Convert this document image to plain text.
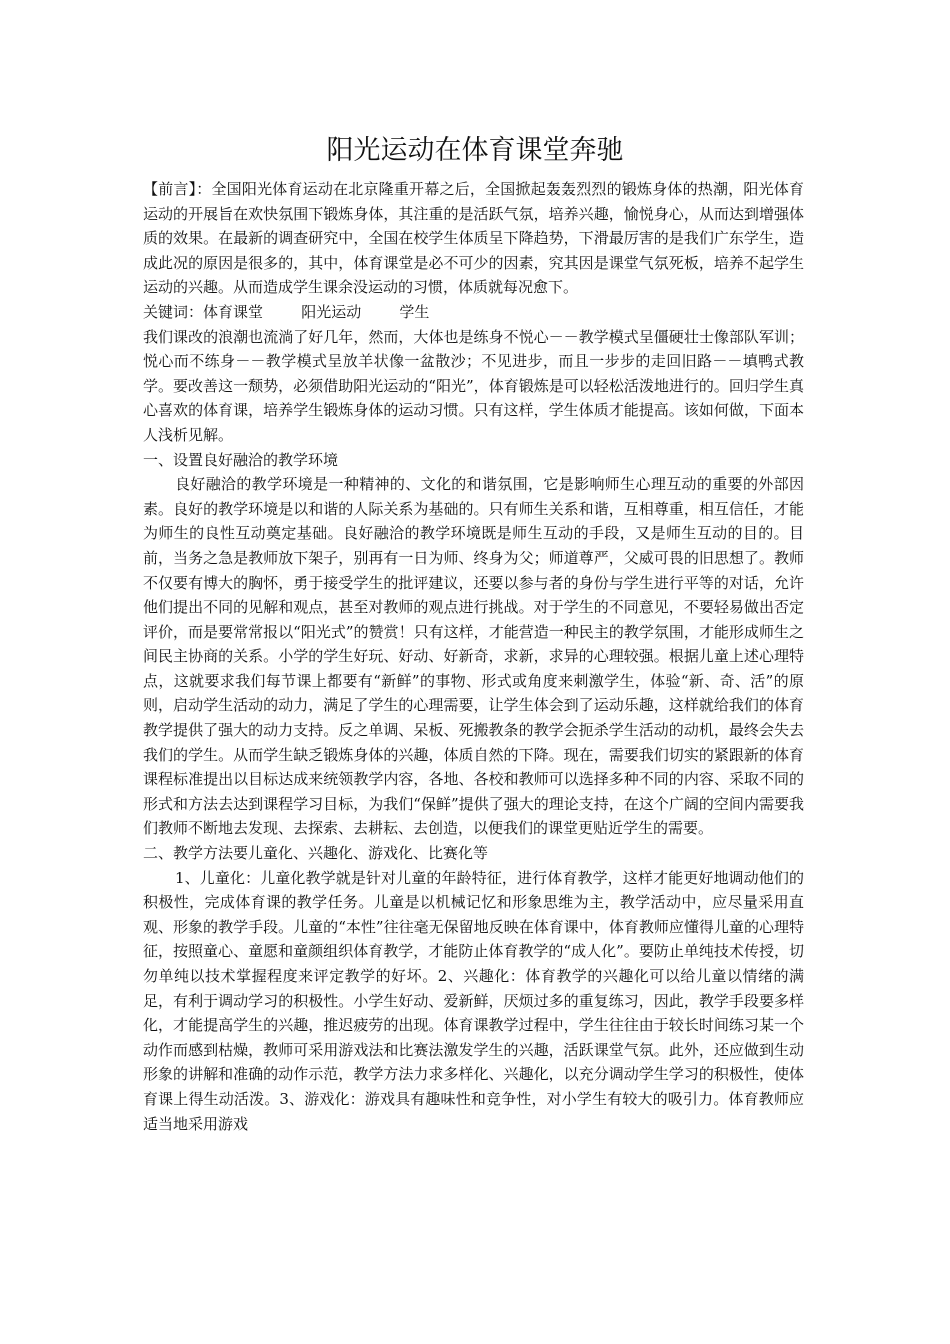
阳光运动在体育课堂奔驰

【前言】：全国阳光体育运动在北京隆重开幕之后，全国掀起轰轰烈烈的锻炼身体的热潮，阳光体育运动的开展旨在欢快氛围下锻炼身体，其注重的是活跃气氛，培养兴趣，愉悦身心，从而达到增强体质的效果。在最新的调查研究中，全国在校学生体质呈下降趋势，下滑最厉害的是我们广东学生，造成此况的原因是很多的，其中，体育课堂是必不可少的因素，究其因是课堂气氛死板，培养不起学生运动的兴趣。从而造成学生课余没运动的习惯，体质就每况愈下。

关键词：体育课堂	阳光运动	学生

我们课改的浪潮也流淌了好几年，然而，大体也是练身不悦心－－教学模式呈僵硬壮士像部队军训；悦心而不练身－－教学模式呈放羊状像一盆散沙；不见进步，而且一步步的走回旧路－－填鸭式教学。要改善这一颓势，必须借助阳光运动的“阳光”，体育锻炼是可以轻松活泼地进行的。回归学生真心喜欢的体育课，培养学生锻炼身体的运动习惯。只有这样，学生体质才能提高。该如何做，下面本人浅析见解。

一、设置良好融洽的教学环境

良好融洽的教学环境是一种精神的、文化的和谐氛围，它是影响师生心理互动的重要的外部因素。良好的教学环境是以和谐的人际关系为基础的。只有师生关系和谐，互相尊重，相互信任，才能为师生的良性互动奠定基础。良好融洽的教学环境既是师生互动的手段，又是师生互动的目的。目前，当务之急是教师放下架子，别再有一日为师、终身为父；师道尊严，父威可畏的旧思想了。教师不仅要有博大的胸怀，勇于接受学生的批评建议，还要以参与者的身份与学生进行平等的对话，允许他们提出不同的见解和观点，甚至对教师的观点进行挑战。对于学生的不同意见，不要轻易做出否定评价，而是要常常报以“阳光式”的赞赏！只有这样，才能营造一种民主的教学氛围，才能形成师生之间民主协商的关系。小学的学生好玩、好动、好新奇，求新，求异的心理较强。根据儿童上述心理特点，这就要求我们每节课上都要有“新鲜”的事物、形式或角度来刺激学生，体验“新、奇、活”的原则，启动学生活动的动力，满足了学生的心理需要，让学生体会到了运动乐趣，这样就给我们的体育教学提供了强大的动力支持。反之单调、呆板、死搬教条的教学会扼杀学生活动的动机，最终会失去我们的学生。从而学生缺乏锻炼身体的兴趣，体质自然的下降。现在，需要我们切实的紧跟新的体育课程标准提出以目标达成来统领教学内容，各地、各校和教师可以选择多种不同的内容、采取不同的形式和方法去达到课程学习目标，为我们“保鲜”提供了强大的理论支持，在这个广阔的空间内需要我们教师不断地去发现、去探索、去耕耘、去创造，以便我们的课堂更贴近学生的需要。

二、教学方法要儿童化、兴趣化、游戏化、比赛化等

1、儿童化：儿童化教学就是针对儿童的年龄特征，进行体育教学，这样才能更好地调动他们的积极性，完成体育课的教学任务。儿童是以机械记忆和形象思维为主，教学活动中，应尽量采用直观、形象的教学手段。儿童的“本性”往往毫无保留地反映在体育课中，体育教师应懂得儿童的心理特征，按照童心、童愿和童颜组织体育教学，才能防止体育教学的“成人化”。要防止单纯技术传授，切勿单纯以技术掌握程度来评定教学的好坏。2、兴趣化：体育教学的兴趣化可以给儿童以情绪的满足，有利于调动学习的积极性。小学生好动、爱新鲜，厌烦过多的重复练习，因此，教学手段要多样化，才能提高学生的兴趣，推迟疲劳的出现。体育课教学过程中，学生往往由于较长时间练习某一个动作而感到枯燥，教师可采用游戏法和比赛法激发学生的兴趣，活跃课堂气氛。此外，还应做到生动形象的讲解和准确的动作示范，教学方法力求多样化、兴趣化，以充分调动学生学习的积极性，使体育课上得生动活泼。3、游戏化：游戏具有趣味性和竞争性，对小学生有较大的吸引力。体育教师应适当地采用游戏
